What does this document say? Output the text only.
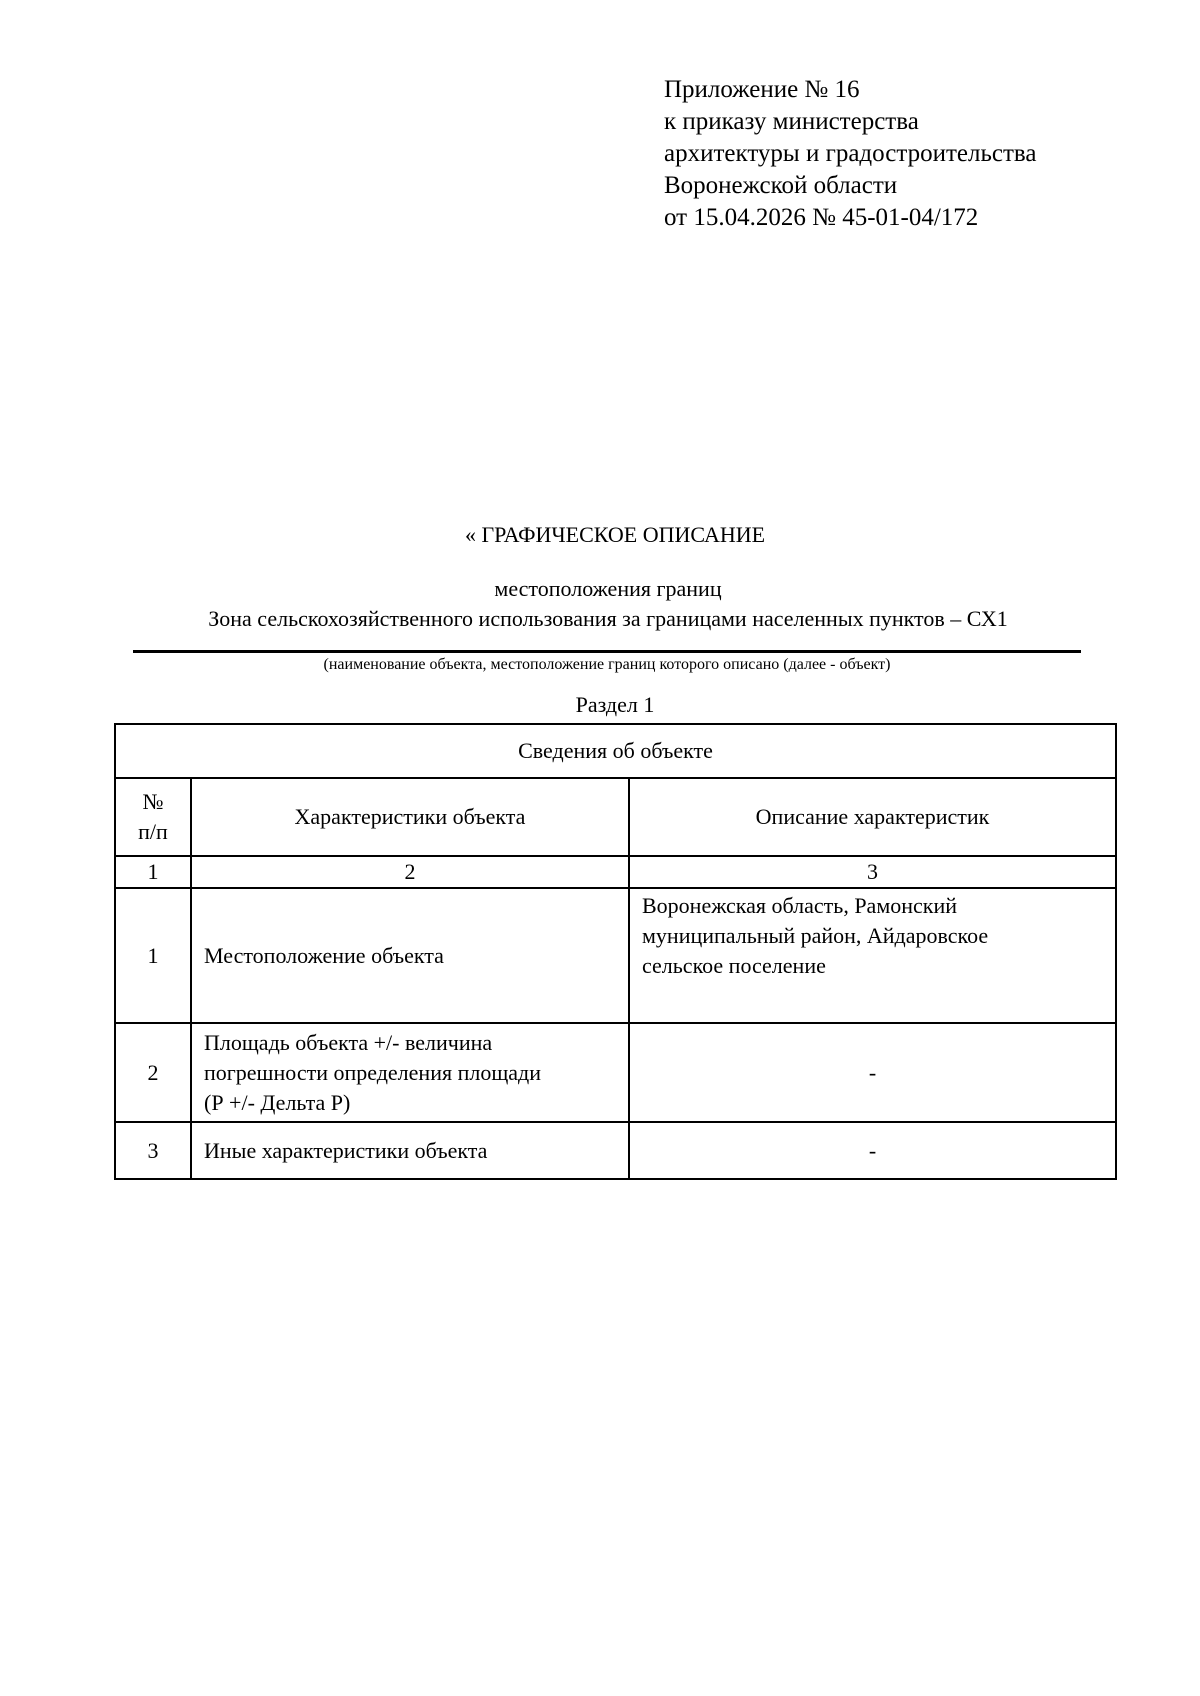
Приложение № 16
к приказу министерства
архитектуры и градостроительства
Воронежской области
от 15.04.2026 № 45-01-04/172
« ГРАФИЧЕСКОЕ ОПИСАНИЕ
местоположения границ
Зона сельскохозяйственного использования за границами населенных пунктов – СХ1
(наименование объекта, местоположение границ которого описано (далее - объект)
Раздел 1
Сведения об объекте		

№
п/п	Характеристики объекта	Описание характеристик
1	2	3
1	Местоположение объекта	Воронежская область, Рамонский
муниципальный район, Айдаровское
сельское поселение

2	Площадь объекта +/- величина
погрешности определения площади
(Р +/- Дельта Р)	-
3	Иные характеристики объекта	-
